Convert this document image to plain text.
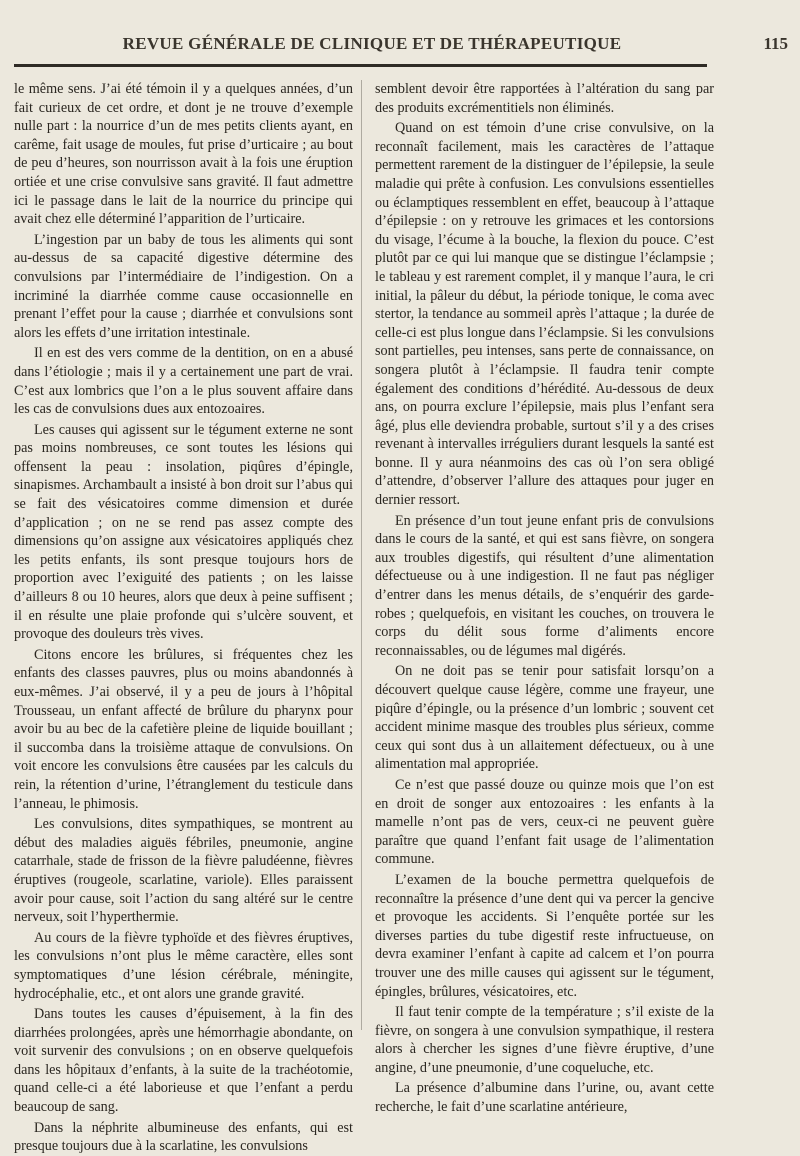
REVUE GÉNÉRALE DE CLINIQUE ET DE THÉRAPEUTIQUE	115

le même sens. J’ai été témoin il y a quelques années, d’un fait curieux de cet ordre, et dont je ne trouve d’exemple nulle part : la nourrice d’un de mes petits clients ayant, en carême, fait usage de moules, fut prise d’urticaire ; au bout de peu d’heures, son nourrisson avait à la fois une éruption ortiée et une crise convulsive sans gravité. Il faut admettre ici le passage dans le lait de la nourrice du principe qui avait chez elle déterminé l’apparition de l’urticaire.

L’ingestion par un baby de tous les aliments qui sont au-dessus de sa capacité digestive détermine des convulsions par l’intermédiaire de l’indigestion. On a incriminé la diarrhée comme cause occasionnelle en prenant l’effet pour la cause ; diarrhée et convulsions sont alors les effets d’une irritation intestinale.

Il en est des vers comme de la dentition, on en a abusé dans l’étiologie ; mais il y a certainement une part de vrai. C’est aux lombrics que l’on a le plus souvent affaire dans les cas de convulsions dues aux entozoaires.

Les causes qui agissent sur le tégument externe ne sont pas moins nombreuses, ce sont toutes les lésions qui offensent la peau : insolation, piqûres d’épingle, sinapismes. Archambault a insisté à bon droit sur l’abus qui se fait des vésicatoires comme dimension et durée d’application ; on ne se rend pas assez compte des dimensions qu’on assigne aux vésicatoires appliqués chez les petits enfants, ils sont presque toujours hors de proportion avec l’exiguité des patients ; on les laisse d’ailleurs 8 ou 10 heures, alors que deux à peine suffisent ; il en résulte une plaie profonde qui s’ulcère souvent, et provoque des douleurs très vives.

Citons encore les brûlures, si fréquentes chez les enfants des classes pauvres, plus ou moins abandonnés à eux-mêmes. J’ai observé, il y a peu de jours à l’hôpital Trousseau, un enfant affecté de brûlure du pharynx pour avoir bu au bec de la cafetière pleine de liquide bouillant ; il succomba dans la troisième attaque de convulsions. On voit encore les convulsions être causées par les calculs du rein, la rétention d’urine, l’étranglement du testicule dans l’anneau, le phimosis.

Les convulsions, dites sympathiques, se montrent au début des maladies aiguës fébriles, pneumonie, angine catarrhale, stade de frisson de la fièvre paludéenne, fièvres éruptives (rougeole, scarlatine, variole). Elles paraissent avoir pour cause, soit l’action du sang altéré sur le centre nerveux, soit l’hyperthermie.

Au cours de la fièvre typhoïde et des fièvres éruptives, les convulsions n’ont plus le même caractère, elles sont symptomatiques d’une lésion cérébrale, méningite, hydrocéphalie, etc., et ont alors une grande gravité.

Dans toutes les causes d’épuisement, à la fin des diarrhées prolongées, après une hémorrhagie abondante, on voit survenir des convulsions ; on en observe quelquefois dans les hôpitaux d’enfants, à la suite de la trachéotomie, quand celle-ci a été laborieuse et que l’enfant a perdu beaucoup de sang.

Dans la néphrite albumineuse des enfants, qui est presque toujours due à la scarlatine, les convulsions

semblent devoir être rapportées à l’altération du sang par des produits excrémentitiels non éliminés.

Quand on est témoin d’une crise convulsive, on la reconnaît facilement, mais les caractères de l’attaque permettent rarement de la distinguer de l’épilepsie, la seule maladie qui prête à confusion. Les convulsions essentielles ou éclamptiques ressemblent en effet, beaucoup à l’attaque d’épilepsie : on y retrouve les grimaces et les contorsions du visage, l’écume à la bouche, la flexion du pouce. C’est plutôt par ce qui lui manque que se distingue l’éclampsie ; le tableau y est rarement complet, il y manque l’aura, le cri initial, la pâleur du début, la période tonique, le coma avec stertor, la tendance au sommeil après l’attaque ; la durée de celle-ci est plus longue dans l’éclampsie. Si les convulsions sont partielles, peu intenses, sans perte de connaissance, on songera plutôt à l’éclampsie. Il faudra tenir compte également des conditions d’hérédité. Au-dessous de deux ans, on pourra exclure l’épilepsie, mais plus l’enfant sera âgé, plus elle deviendra probable, surtout s’il y a des crises revenant à intervalles irréguliers durant lesquels la santé est bonne. Il y aura néanmoins des cas où l’on sera obligé d’attendre, d’observer l’allure des attaques pour juger en dernier ressort.

En présence d’un tout jeune enfant pris de convulsions dans le cours de la santé, et qui est sans fièvre, on songera aux troubles digestifs, qui résultent d’une alimentation défectueuse ou à une indigestion. Il ne faut pas négliger d’entrer dans les menus détails, de s’enquérir des garde-robes ; quelquefois, en visitant les couches, on trouvera le corps du délit sous forme d’aliments encore reconnaissables, ou de légumes mal digérés.

On ne doit pas se tenir pour satisfait lorsqu’on a découvert quelque cause légère, comme une frayeur, une piqûre d’épingle, ou la présence d’un lombric ; souvent cet accident minime masque des troubles plus sérieux, comme ceux qui sont dus à un allaitement défectueux, ou à une alimentation mal appropriée.

Ce n’est que passé douze ou quinze mois que l’on est en droit de songer aux entozoaires : les enfants à la mamelle n’ont pas de vers, ceux-ci ne peuvent guère paraître que quand l’enfant fait usage de l’alimentation commune.

L’examen de la bouche permettra quelquefois de reconnaître la présence d’une dent qui va percer la gencive et provoque les accidents. Si l’enquête portée sur les diverses parties du tube digestif reste infructueuse, on devra examiner l’enfant à capite ad calcem et l’on pourra trouver une des mille causes qui agissent sur le tégument, épingles, brûlures, vésicatoires, etc.

Il faut tenir compte de la température ; s’il existe de la fièvre, on songera à une convulsion sympathique, il restera alors à chercher les signes d’une fièvre éruptive, d’une angine, d’une pneumonie, d’une coqueluche, etc.

La présence d’albumine dans l’urine, ou, avant cette recherche, le fait d’une scarlatine antérieure,
